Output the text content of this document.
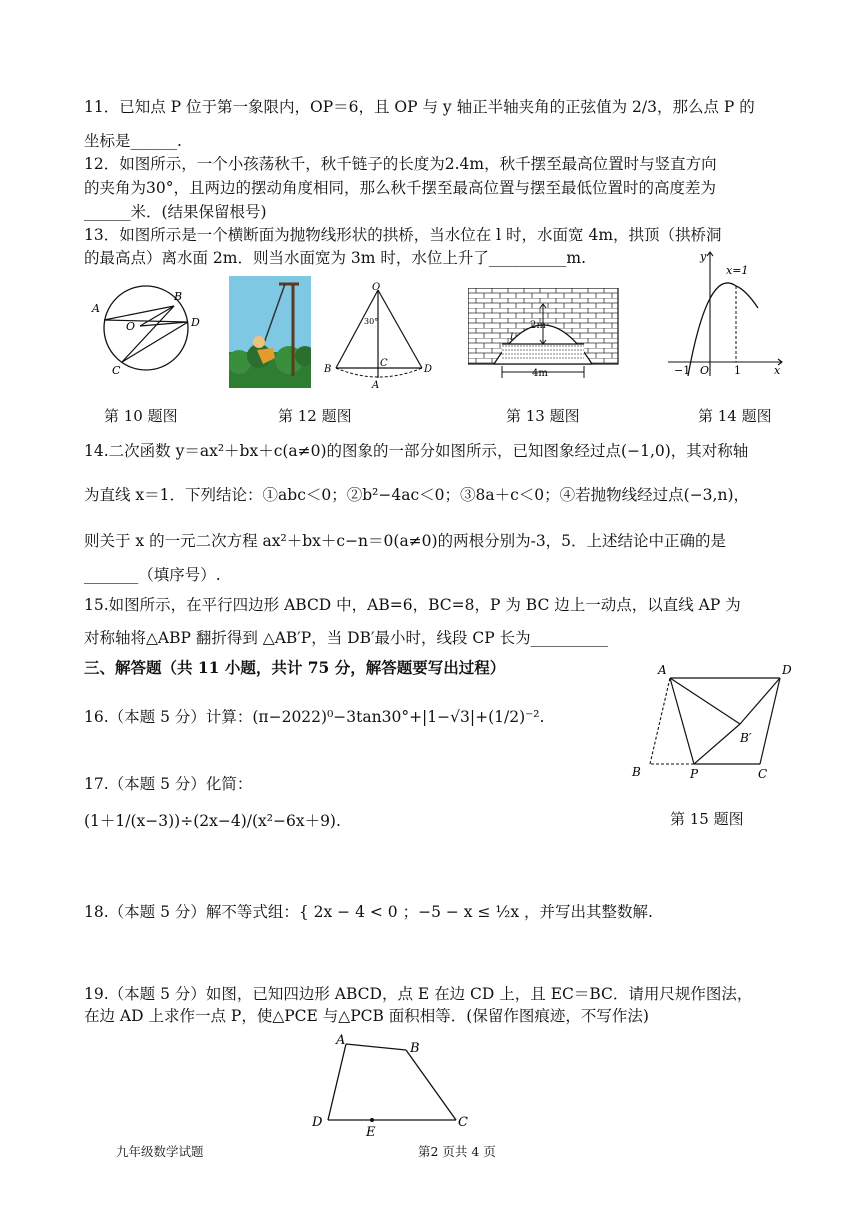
11．已知点 P 位于第一象限内，OP＝6，且 OP 与 y 轴正半轴夹角的正弦值为 2/3，那么点 P 的
坐标是______.
12．如图所示，一个小孩荡秋千，秋千链子的长度为2.4m，秋千摆至最高位置时与竖直方向
的夹角为30°，且两边的摆动角度相同，那么秋千摆至最高位置与摆至最低位置时的高度差为
______米．(结果保留根号)
13．如图所示是一个横断面为抛物线形状的拱桥，当水位在 l 时，水面宽 4m，拱顶（拱桥洞
的最高点）离水面 2m．则当水面宽为 3m 时，水位上升了__________m.
A
B
O	D
C
第 10 题图
O
30°
B
C
A
D
第 12 题图
2m
l
4m
第 13 题图
y
x=1
−1 O 1	x
第 14 题图
14.二次函数 y＝ax²＋bx＋c(a≠0)的图象的一部分如图所示，已知图象经过点(−1,0)，其对称轴
为直线 x＝1．下列结论：①abc＜0；②b²−4ac＜0；③8a＋c＜0；④若抛物线经过点(−3,n)，
则关于 x 的一元二次方程 ax²＋bx＋c−n＝0(a≠0)的两根分别为-3，5．上述结论中正确的是
_______（填序号）.
15.如图所示，在平行四边形 ABCD 中，AB=6，BC=8，P 为 BC 边上一动点，以直线 AP 为
对称轴将△ABP 翻折得到 △AB′P，当 DB′最小时，线段 CP 长为__________
三、解答题（共 11 小题，共计 75 分，解答题要写出过程）	A	D
B′
B	P	C
第 15 题图
16.（本题 5 分）计算：(π−2022)⁰−3tan30°+|1−√3|+(1/2)⁻².
17.（本题 5 分）化简：
(1＋1/(x−3))÷(2x−4)/(x²−6x＋9).
18.（本题 5 分）解不等式组：{ 2x − 4 < 0 ；−5 − x ≤ ½x ，并写出其整数解.
19.（本题 5 分）如图，已知四边形 ABCD，点 E 在边 CD 上，且 EC＝BC．请用尺规作图法，
在边 AD 上求作一点 P，使△PCE 与△PCB 面积相等．(保留作图痕迹，不写作法)
A
B
D
E
C
九年级数学试题	第2 页共 4 页
